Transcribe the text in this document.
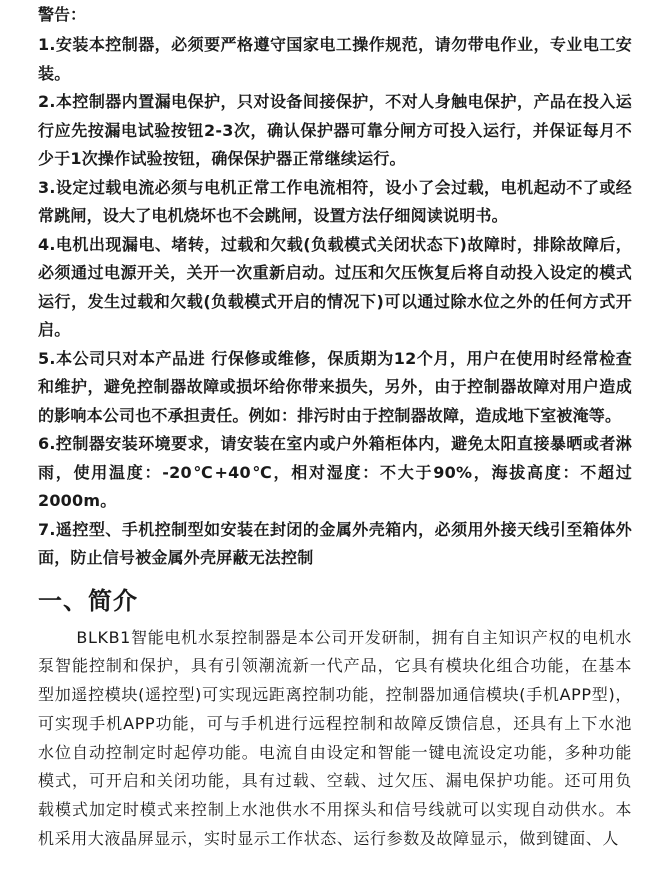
警告：
1.安装本控制器，必须要严格遵守国家电工操作规范，请勿带电作业，专业电工安装。
2.本控制器内置漏电保护，只对设备间接保护，不对人身触电保护，产品在投入运行应先按漏电试验按钮2-3次，确认保护器可靠分闸方可投入运行，并保证每月不少于1次操作试验按钮，确保保护器正常继续运行。
3.设定过载电流必须与电机正常工作电流相符，设小了会过载，电机起动不了或经常跳闸，设大了电机烧坏也不会跳闸，设置方法仔细阅读说明书。
4.电机出现漏电、堵转，过载和欠载(负载模式关闭状态下)故障时，排除故障后，必须通过电源开关，关开一次重新启动。过压和欠压恢复后将自动投入设定的模式运行，发生过载和欠载(负载模式开启的情况下)可以通过除水位之外的任何方式开启。
5.本公司只对本产品进 行保修或维修，保质期为12个月，用户在使用时经常检查和维护，避免控制器故障或损坏给你带来损失，另外，由于控制器故障对用户造成的影响本公司也不承担责任。例如：排污时由于控制器故障，造成地下室被淹等。
6.控制器安装环境要求，请安装在室内或户外箱柜体内，避免太阳直接暴晒或者淋雨，使用温度：-20℃+40℃，相对湿度：不大于90%，海拔高度：不超过2000m。
7.遥控型、手机控制型如安装在封闭的金属外壳箱内，必须用外接天线引至箱体外面，防止信号被金属外壳屏蔽无法控制
一、简介

BLKB1智能电机水泵控制器是本公司开发研制，拥有自主知识产权的电机水泵智能控制和保护，具有引领潮流新一代产品，它具有模块化组合功能，在基本型加遥控模块(遥控型)可实现远距离控制功能，控制器加通信模块(手机APP型)，可实现手机APP功能，可与手机进行远程控制和故障反馈信息，还具有上下水池水位自动控制定时起停功能。电流自由设定和智能一键电流设定功能，多种功能模式，可开启和关闭功能，具有过载、空载、过欠压、漏电保护功能。还可用负载模式加定时模式来控制上水池供水不用探头和信号线就可以实现自动供水。本机采用大液晶屏显示，实时显示工作状态、运行参数及故障显示，做到键面、人
